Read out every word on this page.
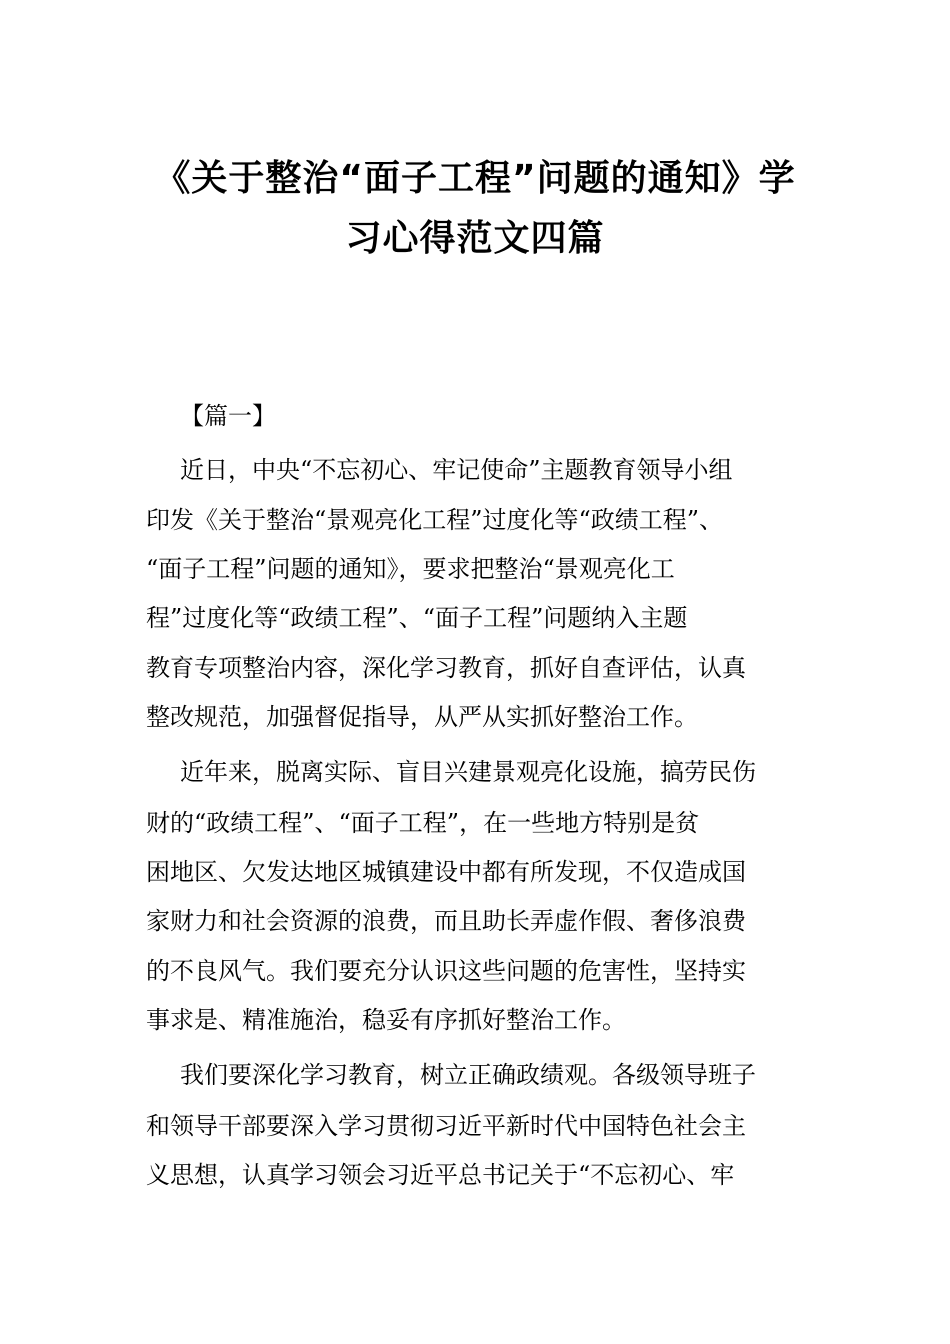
《关于整治“面子工程”问题的通知》学
习心得范文四篇
【篇一】
近日，中央“不忘初心、牢记使命”主题教育领导小组
印发《关于整治“景观亮化工程”过度化等“政绩工程”、
“面子工程”问题的通知》，要求把整治“景观亮化工
程”过度化等“政绩工程”、“面子工程”问题纳入主题
教育专项整治内容，深化学习教育，抓好自查评估，认真
整改规范，加强督促指导，从严从实抓好整治工作。
近年来，脱离实际、盲目兴建景观亮化设施，搞劳民伤
财的“政绩工程”、“面子工程”，在一些地方特别是贫
困地区、欠发达地区城镇建设中都有所发现，不仅造成国
家财力和社会资源的浪费，而且助长弄虚作假、奢侈浪费
的不良风气。我们要充分认识这些问题的危害性，坚持实
事求是、精准施治，稳妥有序抓好整治工作。
我们要深化学习教育，树立正确政绩观。各级领导班子
和领导干部要深入学习贯彻习近平新时代中国特色社会主
义思想，认真学习领会习近平总书记关于“不忘初心、牢
